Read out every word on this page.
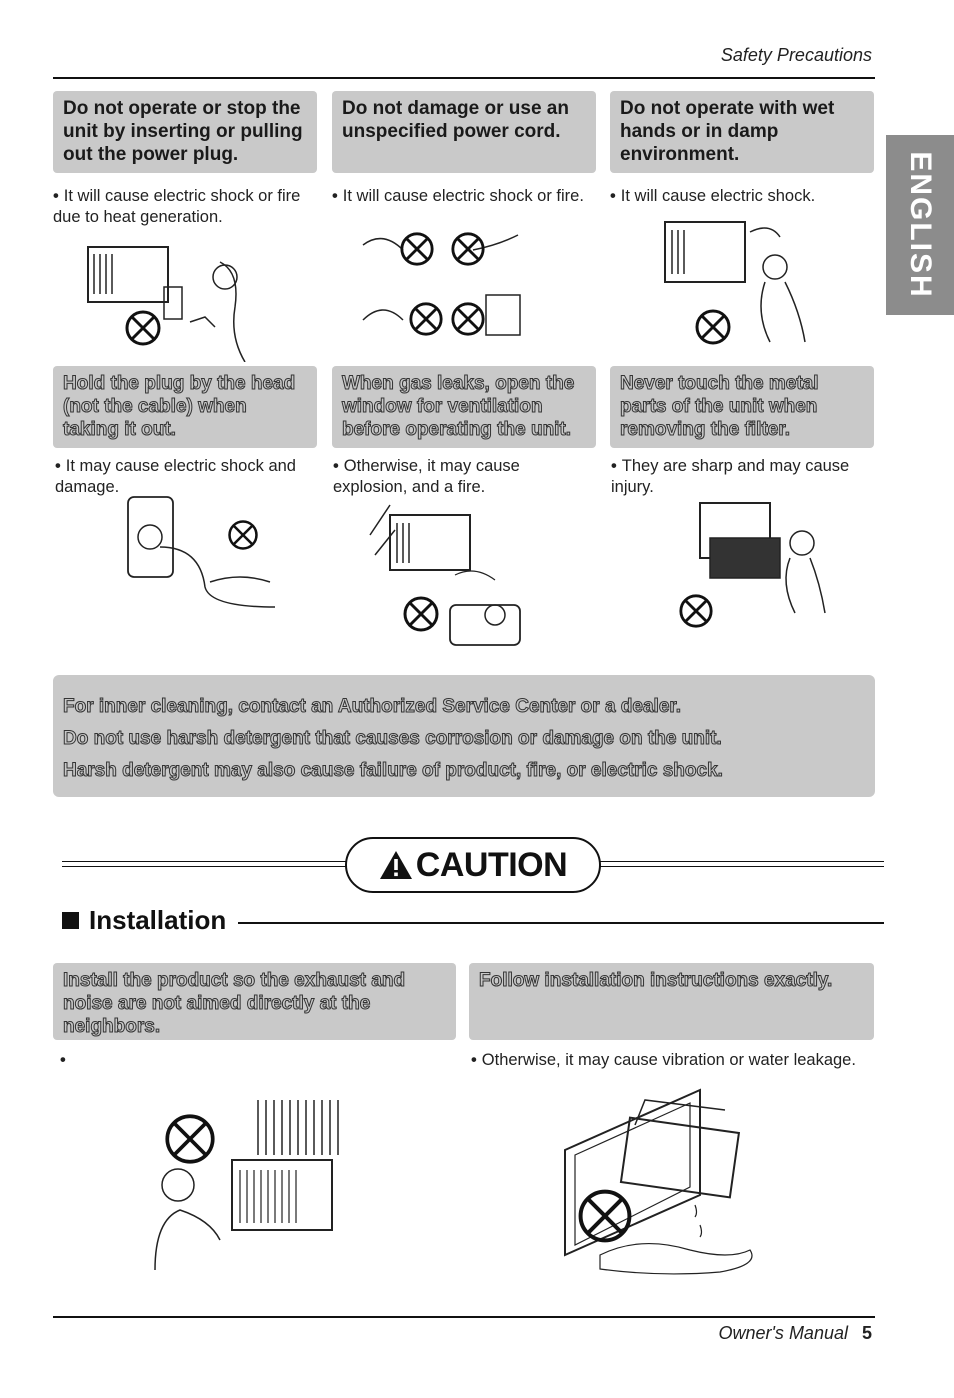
Safety Precautions
ENGLISH
Do not operate or stop the unit by inserting or pulling out the power plug.
Do not damage or use an unspecified power cord.
Do not operate with wet hands or in damp environment.
• It will cause electric shock or fire due to heat generation.
• It will cause electric shock or fire.	• It will cause electric shock.
Hold the plug by the head (not the cable) when taking it out.
When gas leaks, open the window for ventilation before operating the unit.
Never touch the metal parts of the unit when removing the filter.
• It may cause electric shock and damage.
• Otherwise, it may cause explosion, and a fire.
• They are sharp and may cause injury.
For inner cleaning, contact an Authorized Service Center or a dealer.
Do not use harsh detergent that causes corrosion or damage on the unit.
Harsh detergent may also cause failure of product, fire, or electric shock.
CAUTION
Installation
Install the product so the exhaust and noise are not aimed directly at the neighbors.
Follow installation instructions exactly.
•	• Otherwise, it may cause vibration or water leakage.
Owner's Manual 5
